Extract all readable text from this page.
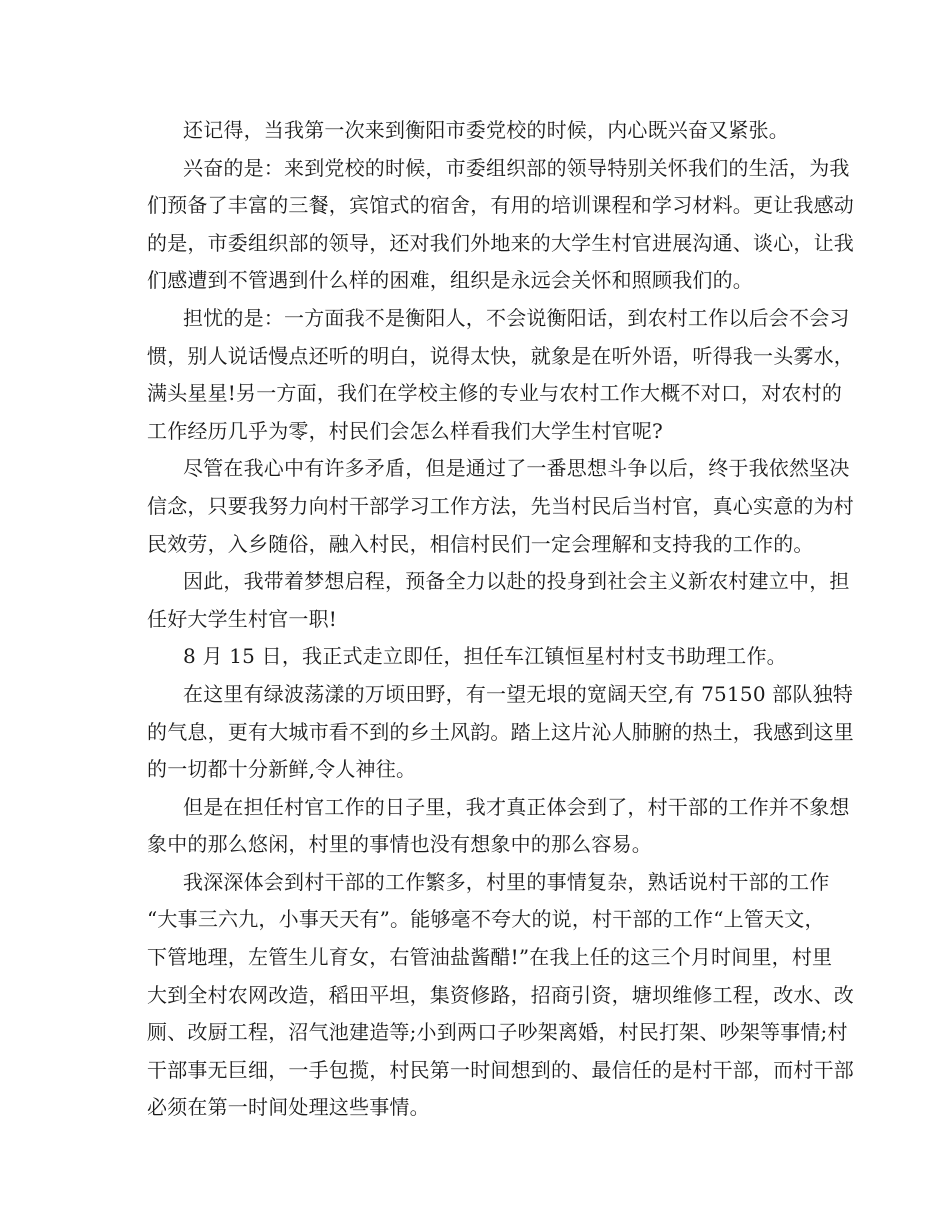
还记得，当我第一次来到衡阳市委党校的时候，内心既兴奋又紧张。

兴奋的是：来到党校的时候，市委组织部的领导特别关怀我们的生活，为我
们预备了丰富的三餐，宾馆式的宿舍，有用的培训课程和学习材料。更让我感动
的是，市委组织部的领导，还对我们外地来的大学生村官进展沟通、谈心，让我
们感遭到不管遇到什么样的困难，组织是永远会关怀和照顾我们的。

担忧的是：一方面我不是衡阳人，不会说衡阳话，到农村工作以后会不会习
惯，别人说话慢点还听的明白，说得太快，就象是在听外语，听得我一头雾水，
满头星星!另一方面，我们在学校主修的专业与农村工作大概不对口，对农村的
工作经历几乎为零，村民们会怎么样看我们大学生村官呢?

尽管在我心中有许多矛盾，但是通过了一番思想斗争以后，终于我依然坚决
信念，只要我努力向村干部学习工作方法，先当村民后当村官，真心实意的为村
民效劳，入乡随俗，融入村民，相信村民们一定会理解和支持我的工作的。

因此，我带着梦想启程，预备全力以赴的投身到社会主义新农村建立中，担
任好大学生村官一职!

8 月 15 日，我正式走立即任，担任车江镇恒星村村支书助理工作。

在这里有绿波荡漾的万顷田野，有一望无垠的宽阔天空,有 75150 部队独特
的气息，更有大城市看不到的乡土风韵。踏上这片沁人肺腑的热土，我感到这里
的一切都十分新鲜,令人神往。

但是在担任村官工作的日子里，我才真正体会到了，村干部的工作并不象想
象中的那么悠闲，村里的事情也没有想象中的那么容易。

我深深体会到村干部的工作繁多，村里的事情复杂，熟话说村干部的工作
“大事三六九，小事天天有”。能够毫不夸大的说，村干部的工作“上管天文，
下管地理，左管生儿育女，右管油盐酱醋!”在我上任的这三个月时间里，村里
大到全村农网改造，稻田平坦，集资修路，招商引资，塘坝维修工程，改水、改
厕、改厨工程，沼气池建造等;小到两口子吵架离婚，村民打架、吵架等事情;村
干部事无巨细，一手包揽，村民第一时间想到的、最信任的是村干部，而村干部
必须在第一时间处理这些事情。
